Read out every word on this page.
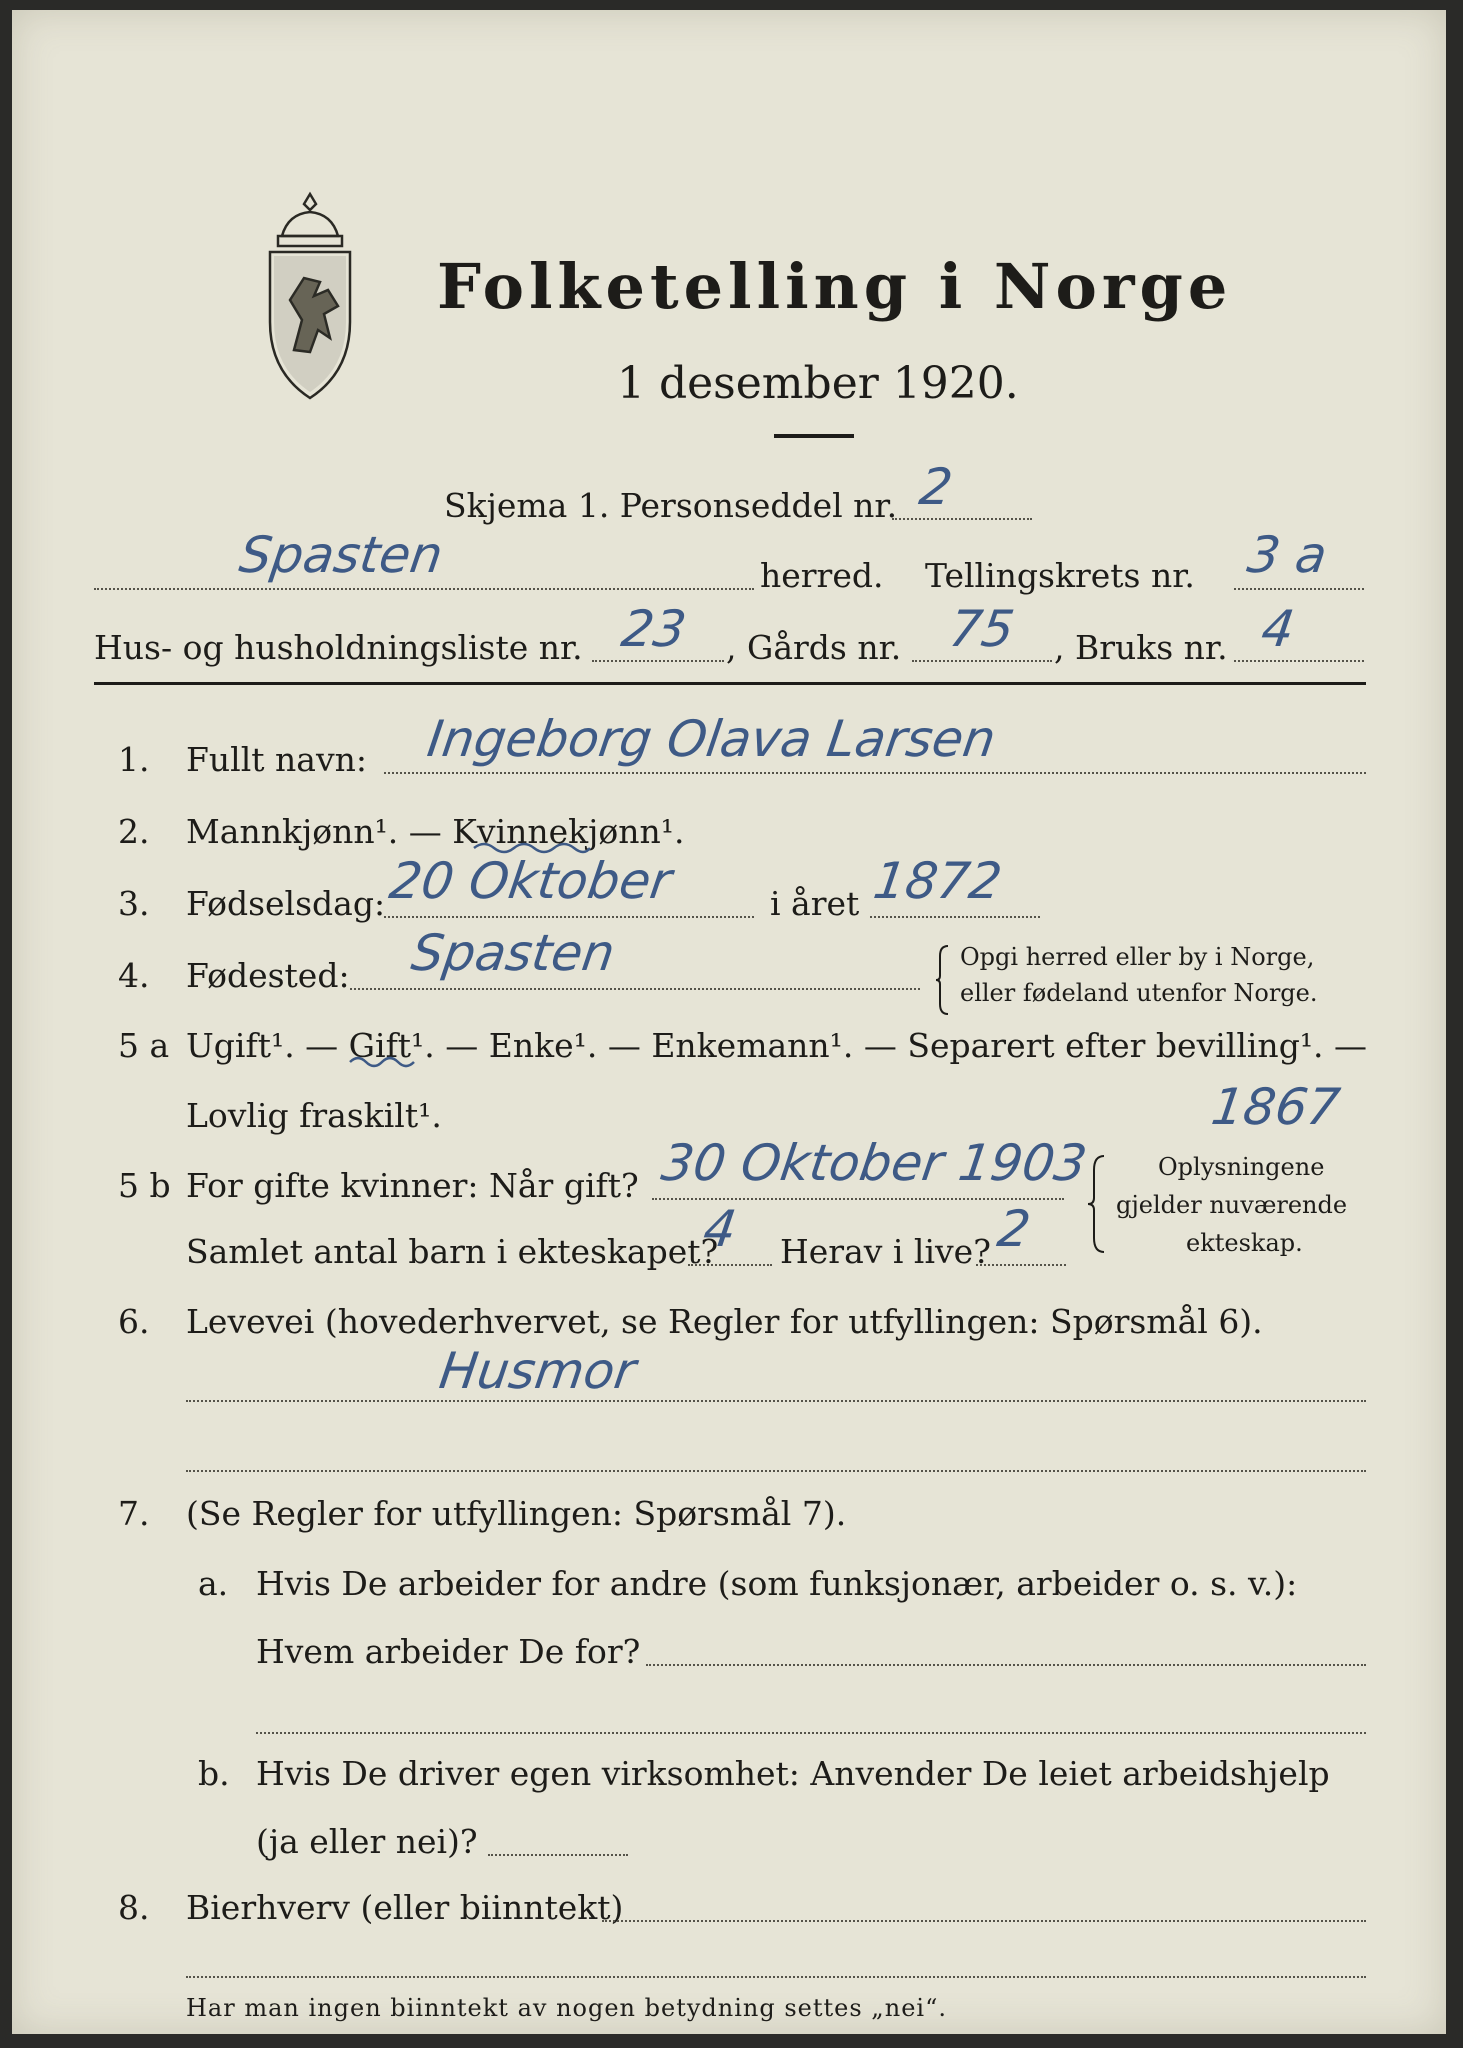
Folketelling i Norge
1 desember 1920.
Skjema 1. Personseddel nr. 2
Spasten	herred. Tellingskrets nr. 3 a
Hus- og husholdningsliste nr. 23 , Gårds nr. 75 , Bruks nr. 4
1. Fullt navn: Ingeborg Olava Larsen
2. Mannkjønn¹. — Kvinnekjønn¹.
3. Fødselsdag: 20 Oktober	i året 1872
4. Fødested: Spasten	Opgi herred eller by i Norge,
eller fødeland utenfor Norge.
5 a Ugift¹. — Gift¹. — Enke¹. — Enkemann¹. — Separert efter bevilling¹. —
Lovlig fraskilt¹.	1867
5 b For gifte kvinner: Når gift? 30 Oktober 1903
Samlet antal barn i ekteskapet?
4 Herav i live? 2
Oplysningene
gjelder nuværende
ekteskap.
6. Levevei (hovederhvervet, se Regler for utfyllingen: Spørsmål 6).
Husmor
7. (Se Regler for utfyllingen: Spørsmål 7).
a. Hvis De arbeider for andre (som funksjonær, arbeider o. s. v.):
Hvem arbeider De for?
b. Hvis De driver egen virksomhet: Anvender De leiet arbeidshjelp
(ja eller nei)?
8. Bierhverv (eller biinntekt)
Har man ingen biinntekt av nogen betydning settes „nei“.
